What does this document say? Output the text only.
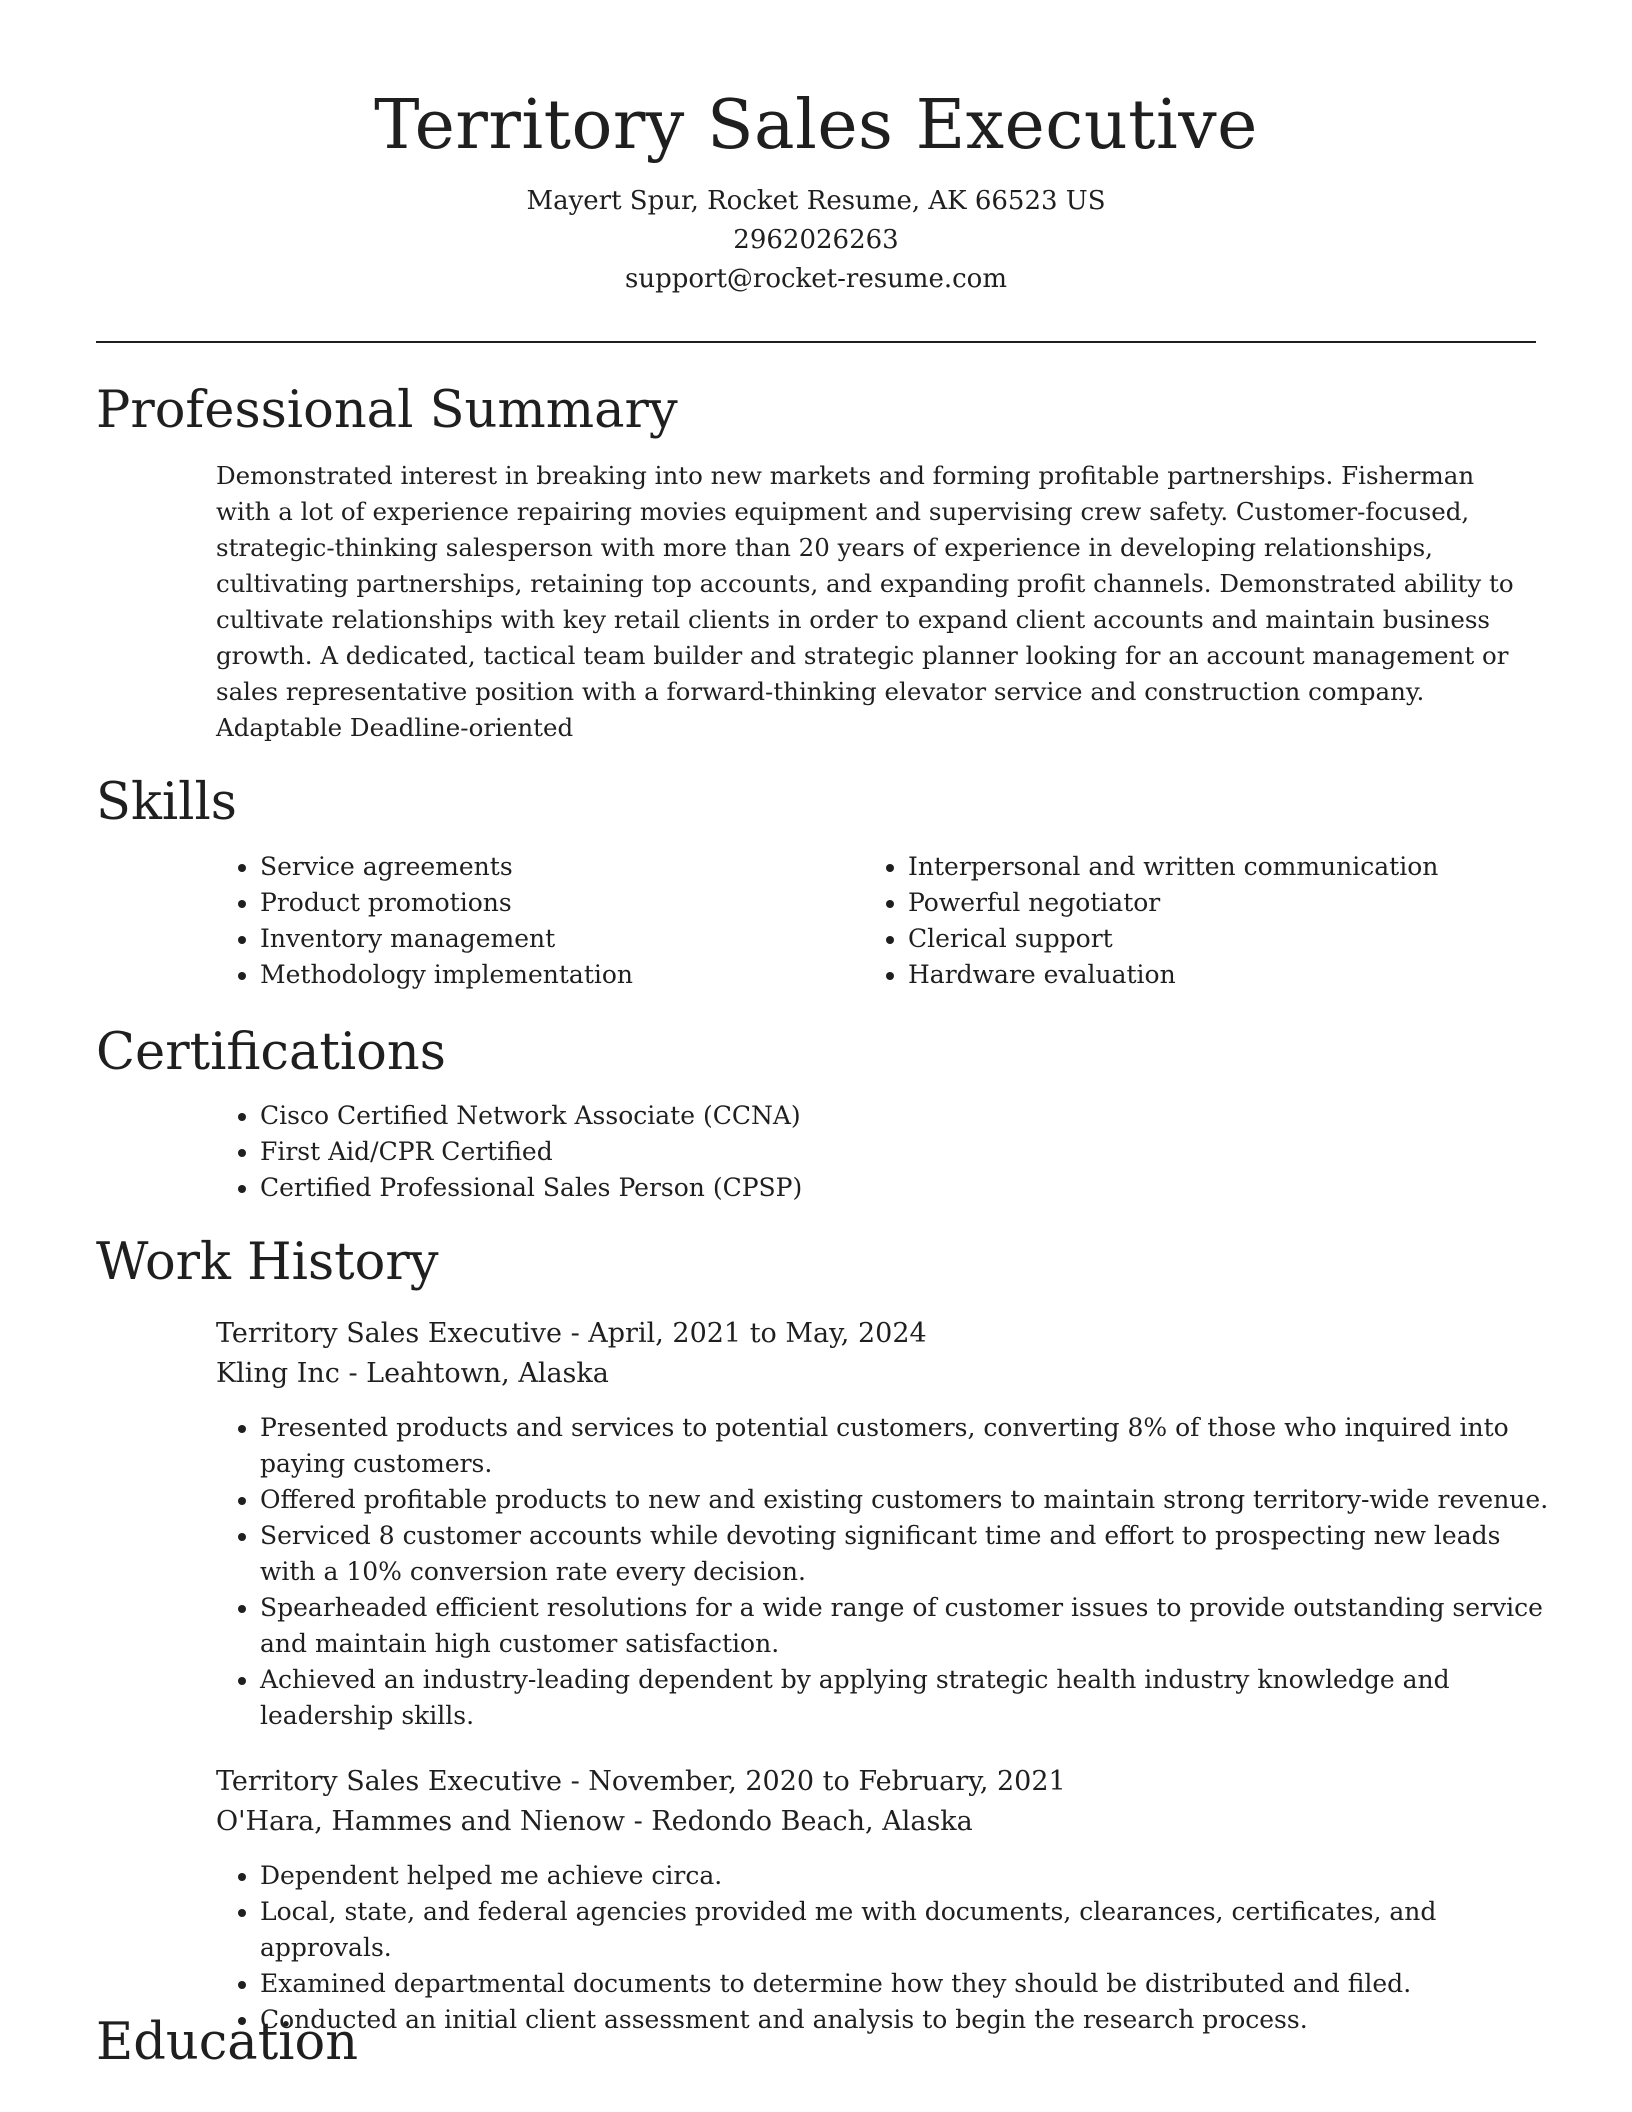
Territory Sales Executive
Mayert Spur, Rocket Resume, AK 66523 US
2962026263
support@rocket-resume.com
Professional Summary

Demonstrated interest in breaking into new markets and forming profitable partnerships. Fisherman with a lot of experience repairing movies equipment and supervising crew safety. Customer-focused, strategic-thinking salesperson with more than 20 years of experience in developing relationships, cultivating partnerships, retaining top accounts, and expanding profit channels. Demonstrated ability to cultivate relationships with key retail clients in order to expand client accounts and maintain business growth. A dedicated, tactical team builder and strategic planner looking for an account management or sales representative position with a forward-thinking elevator service and construction company. Adaptable Deadline-oriented

Skills
• Service agreements
• Product promotions
• Inventory management
• Methodology implementation
• Interpersonal and written communication
• Powerful negotiator
• Clerical support
• Hardware evaluation
Certifications
• Cisco Certified Network Associate (CCNA)
• First Aid/CPR Certified
• Certified Professional Sales Person (CPSP)
Work History
Territory Sales Executive - April, 2021 to May, 2024
Kling Inc - Leahtown, Alaska
• Presented products and services to potential customers, converting 8% of those who inquired into paying customers.
• Offered profitable products to new and existing customers to maintain strong territory-wide revenue.
• Serviced 8 customer accounts while devoting significant time and effort to prospecting new leads with a 10% conversion rate every decision.
• Spearheaded efficient resolutions for a wide range of customer issues to provide outstanding service and maintain high customer satisfaction.
• Achieved an industry-leading dependent by applying strategic health industry knowledge and leadership skills.
Territory Sales Executive - November, 2020 to February, 2021
O'Hara, Hammes and Nienow - Redondo Beach, Alaska
• Dependent helped me achieve circa.
• Local, state, and federal agencies provided me with documents, clearances, certificates, and approvals.
• Examined departmental documents to determine how they should be distributed and filed.
• Conducted an initial client assessment and analysis to begin the research process.
Education
